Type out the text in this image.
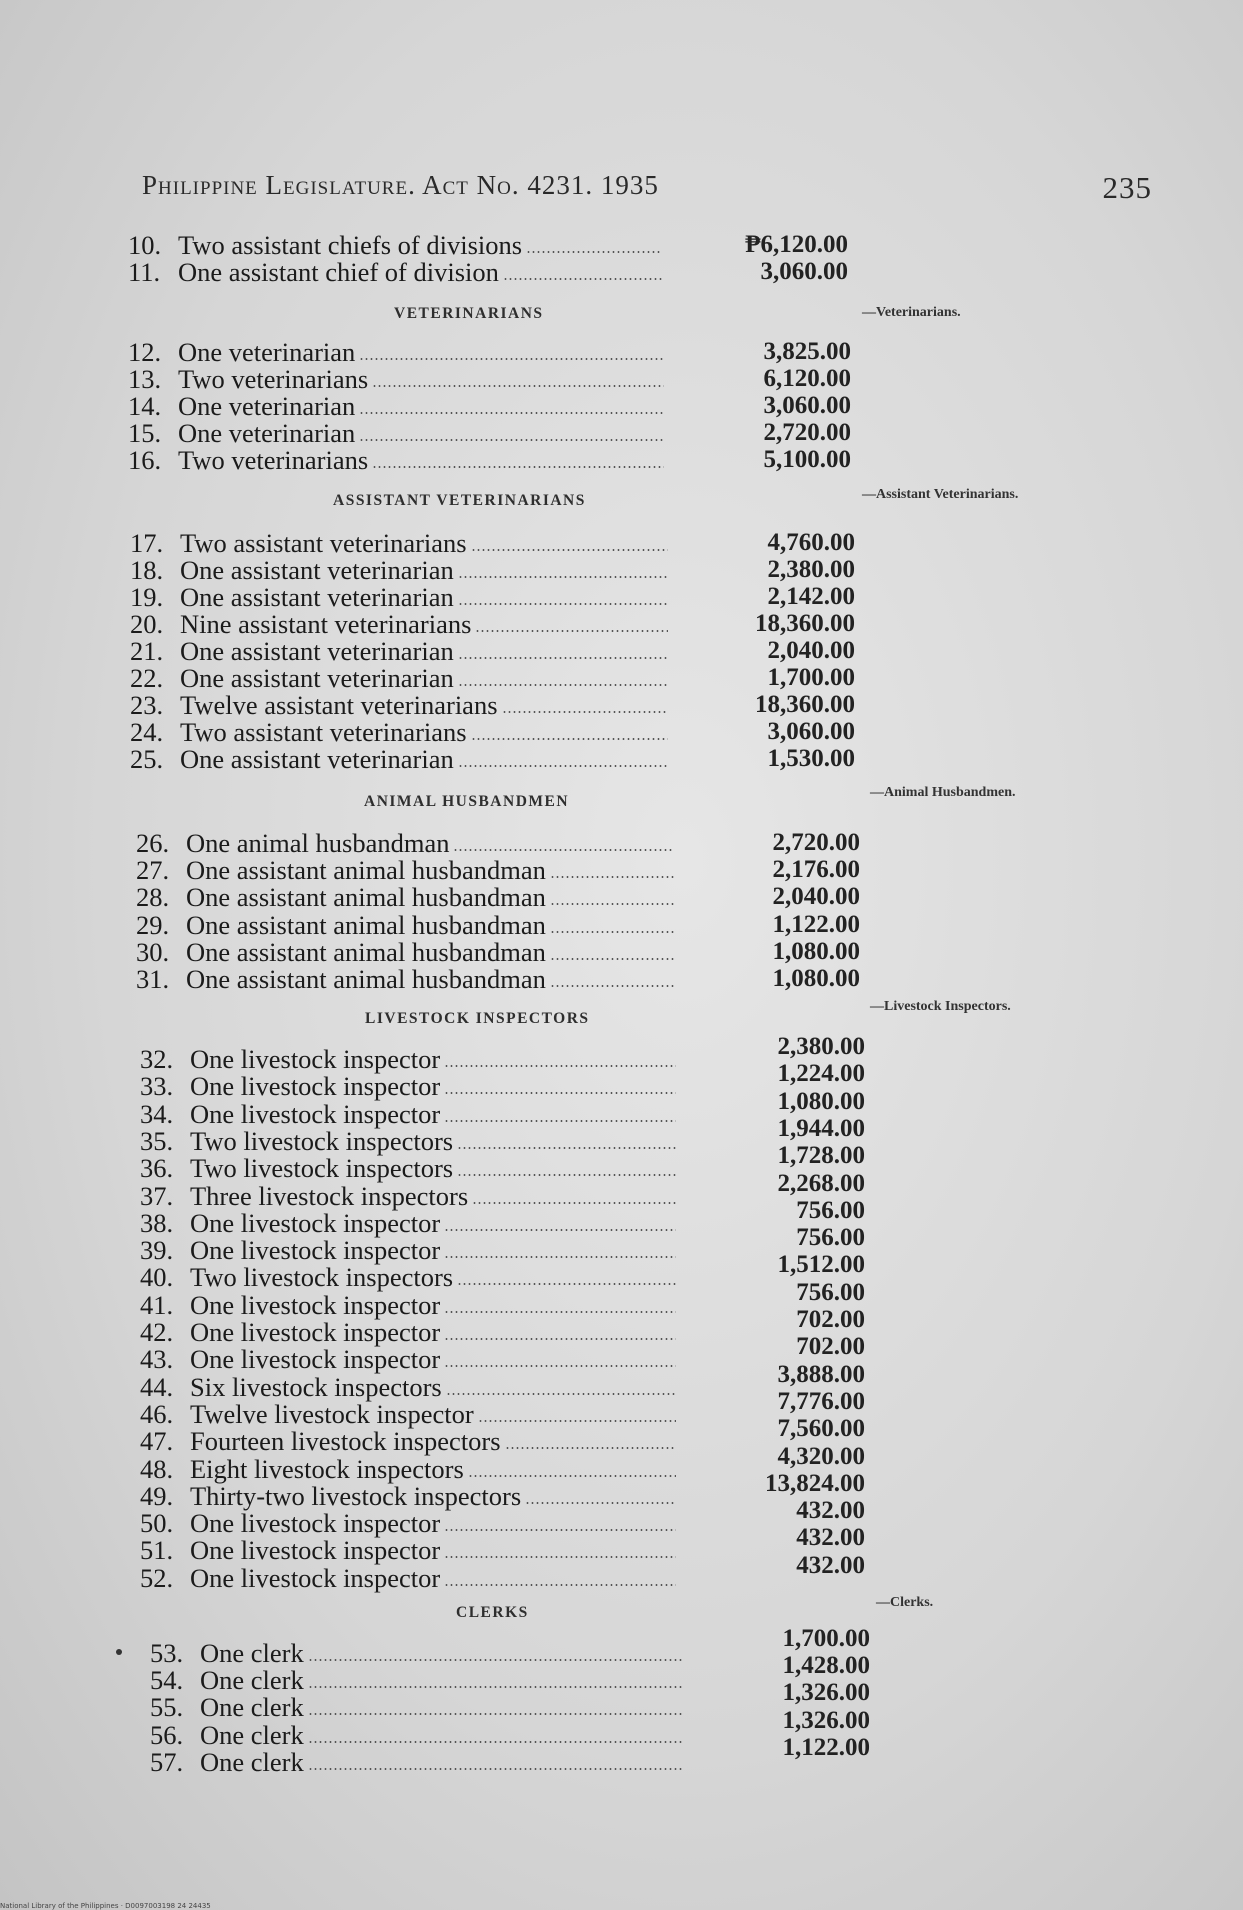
Philippine Legislature. Act No. 4231. 1935	235
10. Two assistant chiefs of divisions	₱6,120.00
11. One assistant chief of division	3,060.00
VETERINARIANS	—Veterinarians.
12. One veterinarian	3,825.00
13. Two veterinarians	6,120.00
14. One veterinarian	3,060.00
15. One veterinarian	2,720.00
16. Two veterinarians	5,100.00
ASSISTANT VETERINARIANS	—Assistant Veterinarians.
17. Two assistant veterinarians	4,760.00
18. One assistant veterinarian	2,380.00
19. One assistant veterinarian	2,142.00
20. Nine assistant veterinarians	18,360.00
21. One assistant veterinarian	2,040.00
22. One assistant veterinarian	1,700.00
23. Twelve assistant veterinarians	18,360.00
24. Two assistant veterinarians	3,060.00
25. One assistant veterinarian	1,530.00
ANIMAL HUSBANDMEN
—Animal Husbandmen.
26. One animal husbandman	2,720.00
27. One assistant animal husbandman	2,176.00
28. One assistant animal husbandman	2,040.00
29. One assistant animal husbandman	1,122.00
30. One assistant animal husbandman	1,080.00
31. One assistant animal husbandman	1,080.00
LIVESTOCK INSPECTORS
—Livestock Inspectors.
32. One livestock inspector	2,380.00
33. One livestock inspector	1,224.00
34. One livestock inspector	1,080.00
35. Two livestock inspectors	1,944.00
36. Two livestock inspectors	1,728.00
37. Three livestock inspectors	2,268.00
38. One livestock inspector	756.00
39. One livestock inspector	756.00
40. Two livestock inspectors	1,512.00
41. One livestock inspector	756.00
42. One livestock inspector	702.00
43. One livestock inspector	702.00
44. Six livestock inspectors	3,888.00
46. Twelve livestock inspector	7,776.00
47. Fourteen livestock inspectors	7,560.00
48. Eight livestock inspectors	4,320.00
49. Thirty-two livestock inspectors	13,824.00
50. One livestock inspector	432.00
51. One livestock inspector	432.00
52. One livestock inspector	432.00
CLERKS
—Clerks.
53. One clerk	1,700.00
54. One clerk	1,428.00
55. One clerk	1,326.00
56. One clerk	1,326.00
57. One clerk	1,122.00
National Library of the Philippines · D0097003198 24 24435
